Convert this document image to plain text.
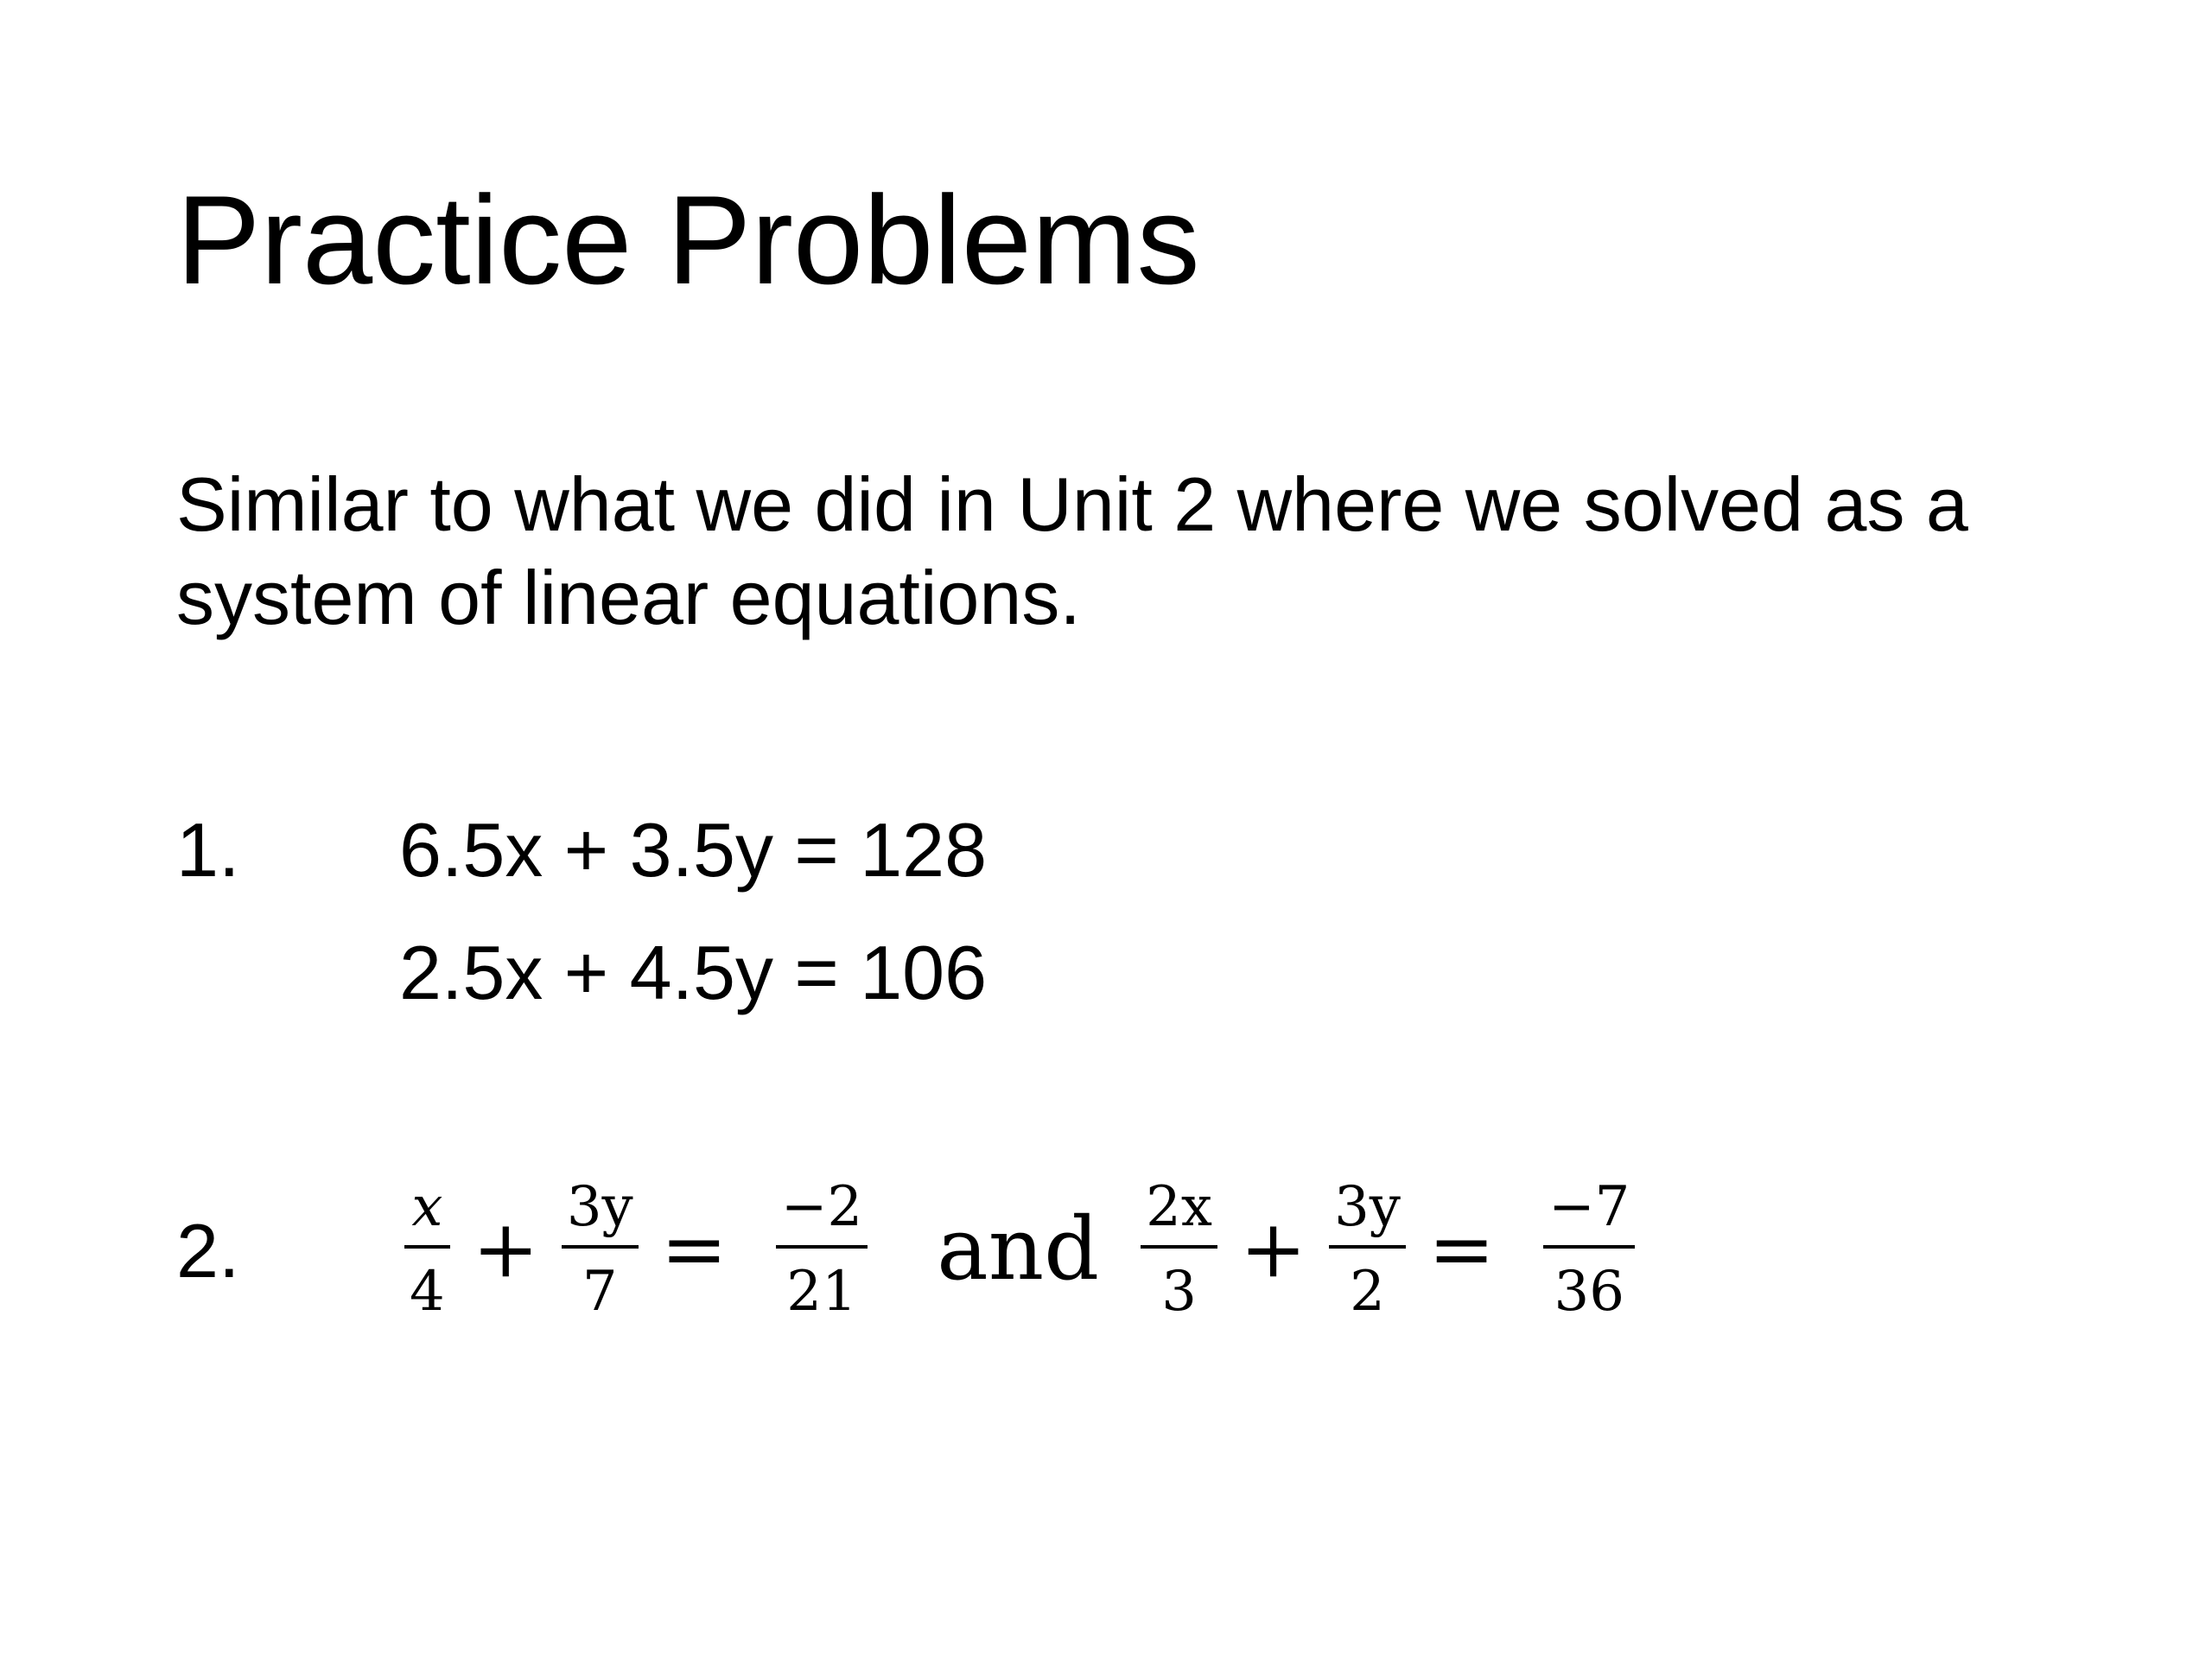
Practice Problems
Similar to what we did in Unit 2 where we solved as a
system of linear equations.
1. 6.5x + 3.5y = 128
2.5x + 4.5y = 106
2.	$\frac{x}{4} + \frac{3y}{7} = \frac{-2}{21}$ and $\frac{2x}{3} + \frac{3y}{2} = \frac{-7}{36}$
